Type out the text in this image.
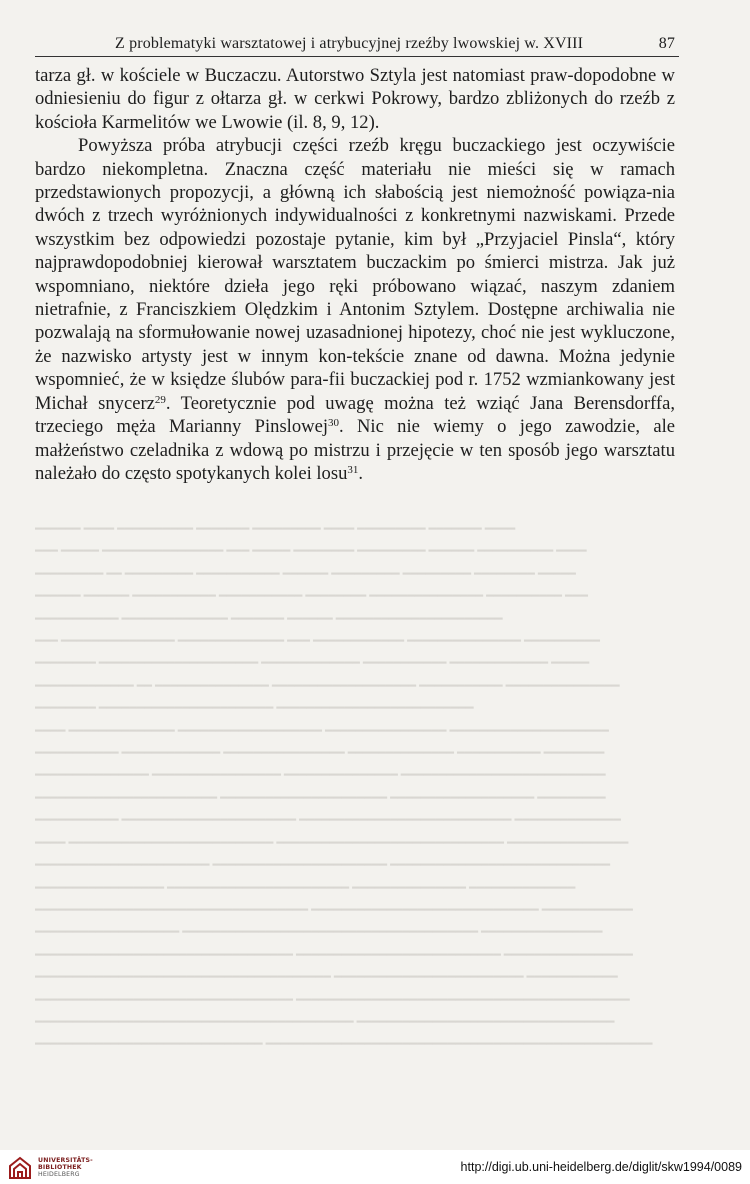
Z problematyki warsztatowej i atrybucyjnej rzeźby lwowskiej w. XVIII	87

tarza gł. w kościele w Buczaczu. Autorstwo Sztyla jest natomiast praw-dopodobne w odniesieniu do figur z ołtarza gł. w cerkwi Pokrowy, bardzo zbliżonych do rzeźb z kościoła Karmelitów we Lwowie (il. 8, 9, 12).

Powyższa próba atrybucji części rzeźb kręgu buczackiego jest oczywiście bardzo niekompletna. Znaczna część materiału nie mieści się w ramach przedstawionych propozycji, a główną ich słabością jest niemożność powiąza-nia dwóch z trzech wyróżnionych indywidualności z konkretnymi nazwiskami. Przede wszystkim bez odpowiedzi pozostaje pytanie, kim był „Przyjaciel Pinsla“, który najprawdopodobniej kierował warsztatem buczackim po śmierci mistrza. Jak już wspomniano, niektóre dzieła jego ręki próbowano wiązać, naszym zdaniem nietrafnie, z Franciszkiem Olędzkim i Antonim Sztylem. Dostępne archiwalia nie pozwalają na sformułowanie nowej uzasadnionej hipotezy, choć nie jest wykluczone, że nazwisko artysty jest w innym kon-tekście znane od dawna. Można jedynie wspomnieć, że w księdze ślubów para-fii buczackiej pod r. 1752 wzmiankowany jest Michał snycerz$^{29}$. Teoretycznie pod uwagę można też wziąć Jana Berensdorffa, trzeciego męża Marianny Pinslowej$^{30}$. Nic nie wiemy o jego zawodzie, ale małżeństwo czeladnika z wdową po mistrzu i przejęcie w ten sposób jego warsztatu należało do często spotykanych kolei losu$^{31}$.

━━━━━━ ━━━━ ━━━━━━━━━━ ━━━━━━━ ━━━━━━━━━ ━━━━ ━━━━━━━━━ ━━━━━━━ ━━━━
━━━ ━━━━━ ━━━━━━━━━━━━━━━━ ━━━ ━━━━━ ━━━━━━━━ ━━━━━━━━━ ━━━━━━ ━━━━━━━━━━ ━━━━
━━━━━━━━━ ━━ ━━━━━━━━━ ━━━━━━━━━━━ ━━━━━━ ━━━━━━━━━ ━━━━━━━━━ ━━━━━━━━ ━━━━━
━━━━━━ ━━━━━━ ━━━━━━━━━━━ ━━━━━━━━━━━ ━━━━━━━━ ━━━━━━━━━━━━━━━ ━━━━━━━━━━ ━━━
━━━━━━━━━━━ ━━━━━━━━━━━━━━ ━━━━━━━ ━━━━━━ ━━━━━━━━━━━━━━━━━━━━━━
━━━ ━━━━━━━━━━━━━━━ ━━━━━━━━━━━━━━ ━━━ ━━━━━━━━━━━━ ━━━━━━━━━━━━━━━ ━━━━━━━━━━
━━━━━━━━ ━━━━━━━━━━━━━━━━━━━━━ ━━━━━━━━━━━━━ ━━━━━━━━━━━ ━━━━━━━━━━━━━ ━━━━━
━━━━━━━━━━━━━ ━━ ━━━━━━━━━━━━━━━ ━━━━━━━━━━━━━━━━━━━ ━━━━━━━━━━━ ━━━━━━━━━━━━━━━
━━━━━━━━ ━━━━━━━━━━━━━━━━━━━━━━━ ━━━━━━━━━━━━━━━━━━━━━━━━━━
━━━━ ━━━━━━━━━━━━━━ ━━━━━━━━━━━━━━━━━━━ ━━━━━━━━━━━━━━━━ ━━━━━━━━━━━━━━━━━━━━━
━━━━━━━━━━━ ━━━━━━━━━━━━━ ━━━━━━━━━━━━━━━━ ━━━━━━━━━━━━━━ ━━━━━━━━━━━ ━━━━━━━━
━━━━━━━━━━━━━━━ ━━━━━━━━━━━━━━━━━ ━━━━━━━━━━━━━━━ ━━━━━━━━━━━━━━━━━━━━━━━━━━━
━━━━━━━━━━━━━━━━━━━━━━━━ ━━━━━━━━━━━━━━━━━━━━━━ ━━━━━━━━━━━━━━━━━━━ ━━━━━━━━━
━━━━━━━━━━━ ━━━━━━━━━━━━━━━━━━━━━━━ ━━━━━━━━━━━━━━━━━━━━━━━━━━━━ ━━━━━━━━━━━━━━
━━━━ ━━━━━━━━━━━━━━━━━━━━━━━━━━━ ━━━━━━━━━━━━━━━━━━━━━━━━━━━━━━ ━━━━━━━━━━━━━━━━
━━━━━━━━━━━━━━━━━━━━━━━ ━━━━━━━━━━━━━━━━━━━━━━━ ━━━━━━━━━━━━━━━━━━━━━━━━━━━━━
━━━━━━━━━━━━━━━━━ ━━━━━━━━━━━━━━━━━━━━━━━━ ━━━━━━━━━━━━━━━ ━━━━━━━━━━━━━━
━━━━━━━━━━━━━━━━━━━━━━━━━━━━━━━━━━━━ ━━━━━━━━━━━━━━━━━━━━━━━━━━━━━━ ━━━━━━━━━━━━
━━━━━━━━━━━━━━━━━━━ ━━━━━━━━━━━━━━━━━━━━━━━━━━━━━━━━━━━━━━━ ━━━━━━━━━━━━━━━━
━━━━━━━━━━━━━━━━━━━━━━━━━━━━━━━━━━ ━━━━━━━━━━━━━━━━━━━━━━━━━━━ ━━━━━━━━━━━━━━━━━
━━━━━━━━━━━━━━━━━━━━━━━━━━━━━━━━━━━━━━━ ━━━━━━━━━━━━━━━━━━━━━━━━━ ━━━━━━━━━━━━
━━━━━━━━━━━━━━━━━━━━━━━━━━━━━━━━━━ ━━━━━━━━━━━━━━━━━━━━━━━━━━━━━━━━━━━━━━━━━━━━
━━━━━━━━━━━━━━━━━━━━━━━━━━━━━━━━━━━━━━━━━━ ━━━━━━━━━━━━━━━━━━━━━━━━━━━━━━━━━━
━━━━━━━━━━━━━━━━━━━━━━━━━━━━━━ ━━━━━━━━━━━━━━━━━━━━━━━━━━━━━━━━━━━━━━━━━━━━━━━━━━━
UNIVERSITÄTS-
BIBLIOTHEK
HEIDELBERG
http://digi.ub.uni-heidelberg.de/diglit/skw1994/0089
